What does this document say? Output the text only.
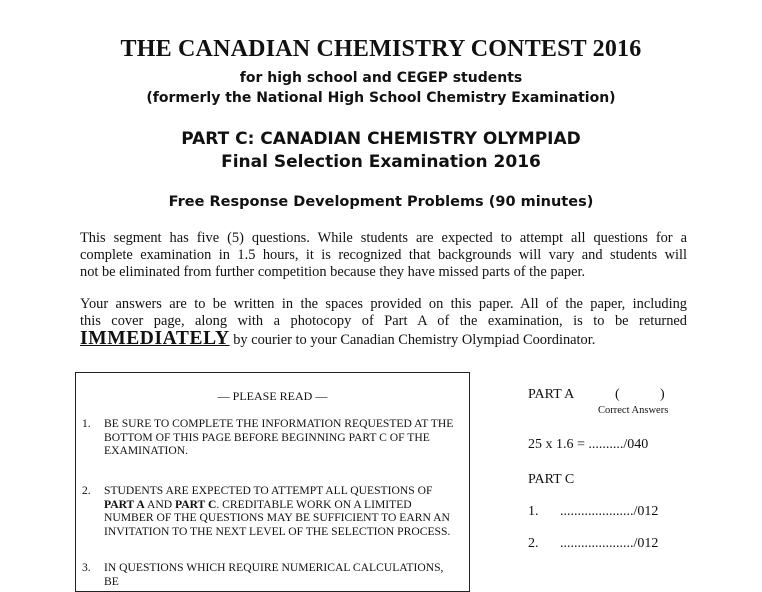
THE CANADIAN CHEMISTRY CONTEST 2016
for high school and CEGEP students
(formerly the National High School Chemistry Examination)
PART C: CANADIAN CHEMISTRY OLYMPIAD
Final Selection Examination 2016
Free Response Development Problems (90 minutes)
This segment has five (5) questions. While students are expected to attempt all questions for a
complete examination in 1.5 hours, it is recognized that backgrounds will vary and students will
not be eliminated from further competition because they have missed parts of the paper.
Your answers are to be written in the spaces provided on this paper. All of the paper, including
this cover page, along with a photocopy of Part A of the examination, is to be returned
IMMEDIATELY by courier to your Canadian Chemistry Olympiad Coordinator.
— PLEASE READ —
1. BE SURE TO COMPLETE THE INFORMATION REQUESTED AT THE BOTTOM OF THIS PAGE BEFORE BEGINNING PART C OF THE EXAMINATION.
2. STUDENTS ARE EXPECTED TO ATTEMPT ALL QUESTIONS OF PART A AND PART C. CREDITABLE WORK ON A LIMITED NUMBER OF THE QUESTIONS MAY BE SUFFICIENT TO EARN AN INVITATION TO THE NEXT LEVEL OF THE SELECTION PROCESS.
3. IN QUESTIONS WHICH REQUIRE NUMERICAL CALCULATIONS, BE
PART A	(	)
Correct Answers
25 x 1.6 = ........../040
PART C
1. ...................../012
2. ...................../012
